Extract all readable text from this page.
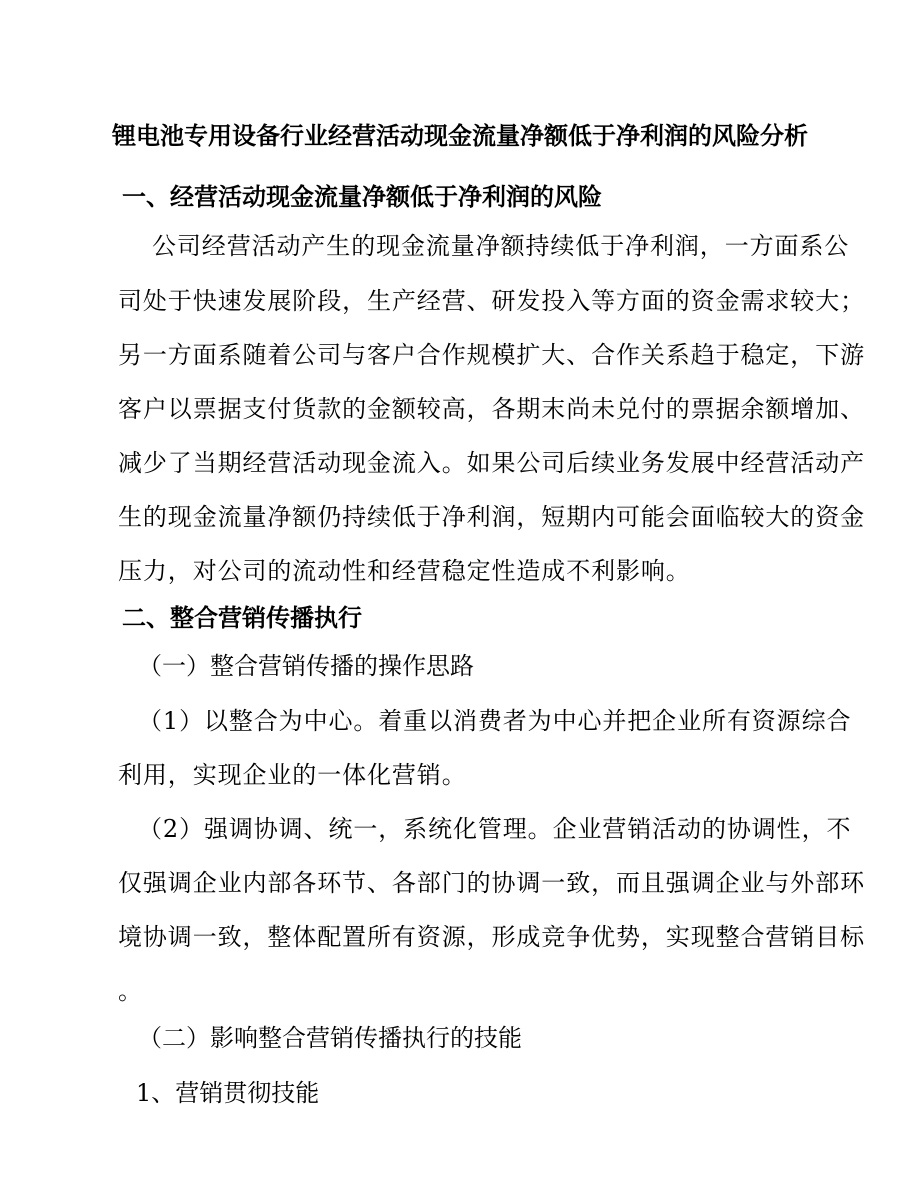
锂电池专用设备行业经营活动现金流量净额低于净利润的风险分析
一、经营活动现金流量净额低于净利润的风险

公司经营活动产生的现金流量净额持续低于净利润，一方面系公

司处于快速发展阶段，生产经营、研发投入等方面的资金需求较大；

另一方面系随着公司与客户合作规模扩大、合作关系趋于稳定，下游

客户以票据支付货款的金额较高，各期末尚未兑付的票据余额增加、

减少了当期经营活动现金流入。如果公司后续业务发展中经营活动产

生的现金流量净额仍持续低于净利润，短期内可能会面临较大的资金

压力，对公司的流动性和经营稳定性造成不利影响。

二、整合营销传播执行
（一）整合营销传播的操作思路

（1）以整合为中心。着重以消费者为中心并把企业所有资源综合

利用，实现企业的一体化营销。

（2）强调协调、统一，系统化管理。企业营销活动的协调性，不

仅强调企业内部各环节、各部门的协调一致，而且强调企业与外部环

境协调一致，整体配置所有资源，形成竞争优势，实现整合营销目标

。

（二）影响整合营销传播执行的技能

1、营销贯彻技能
